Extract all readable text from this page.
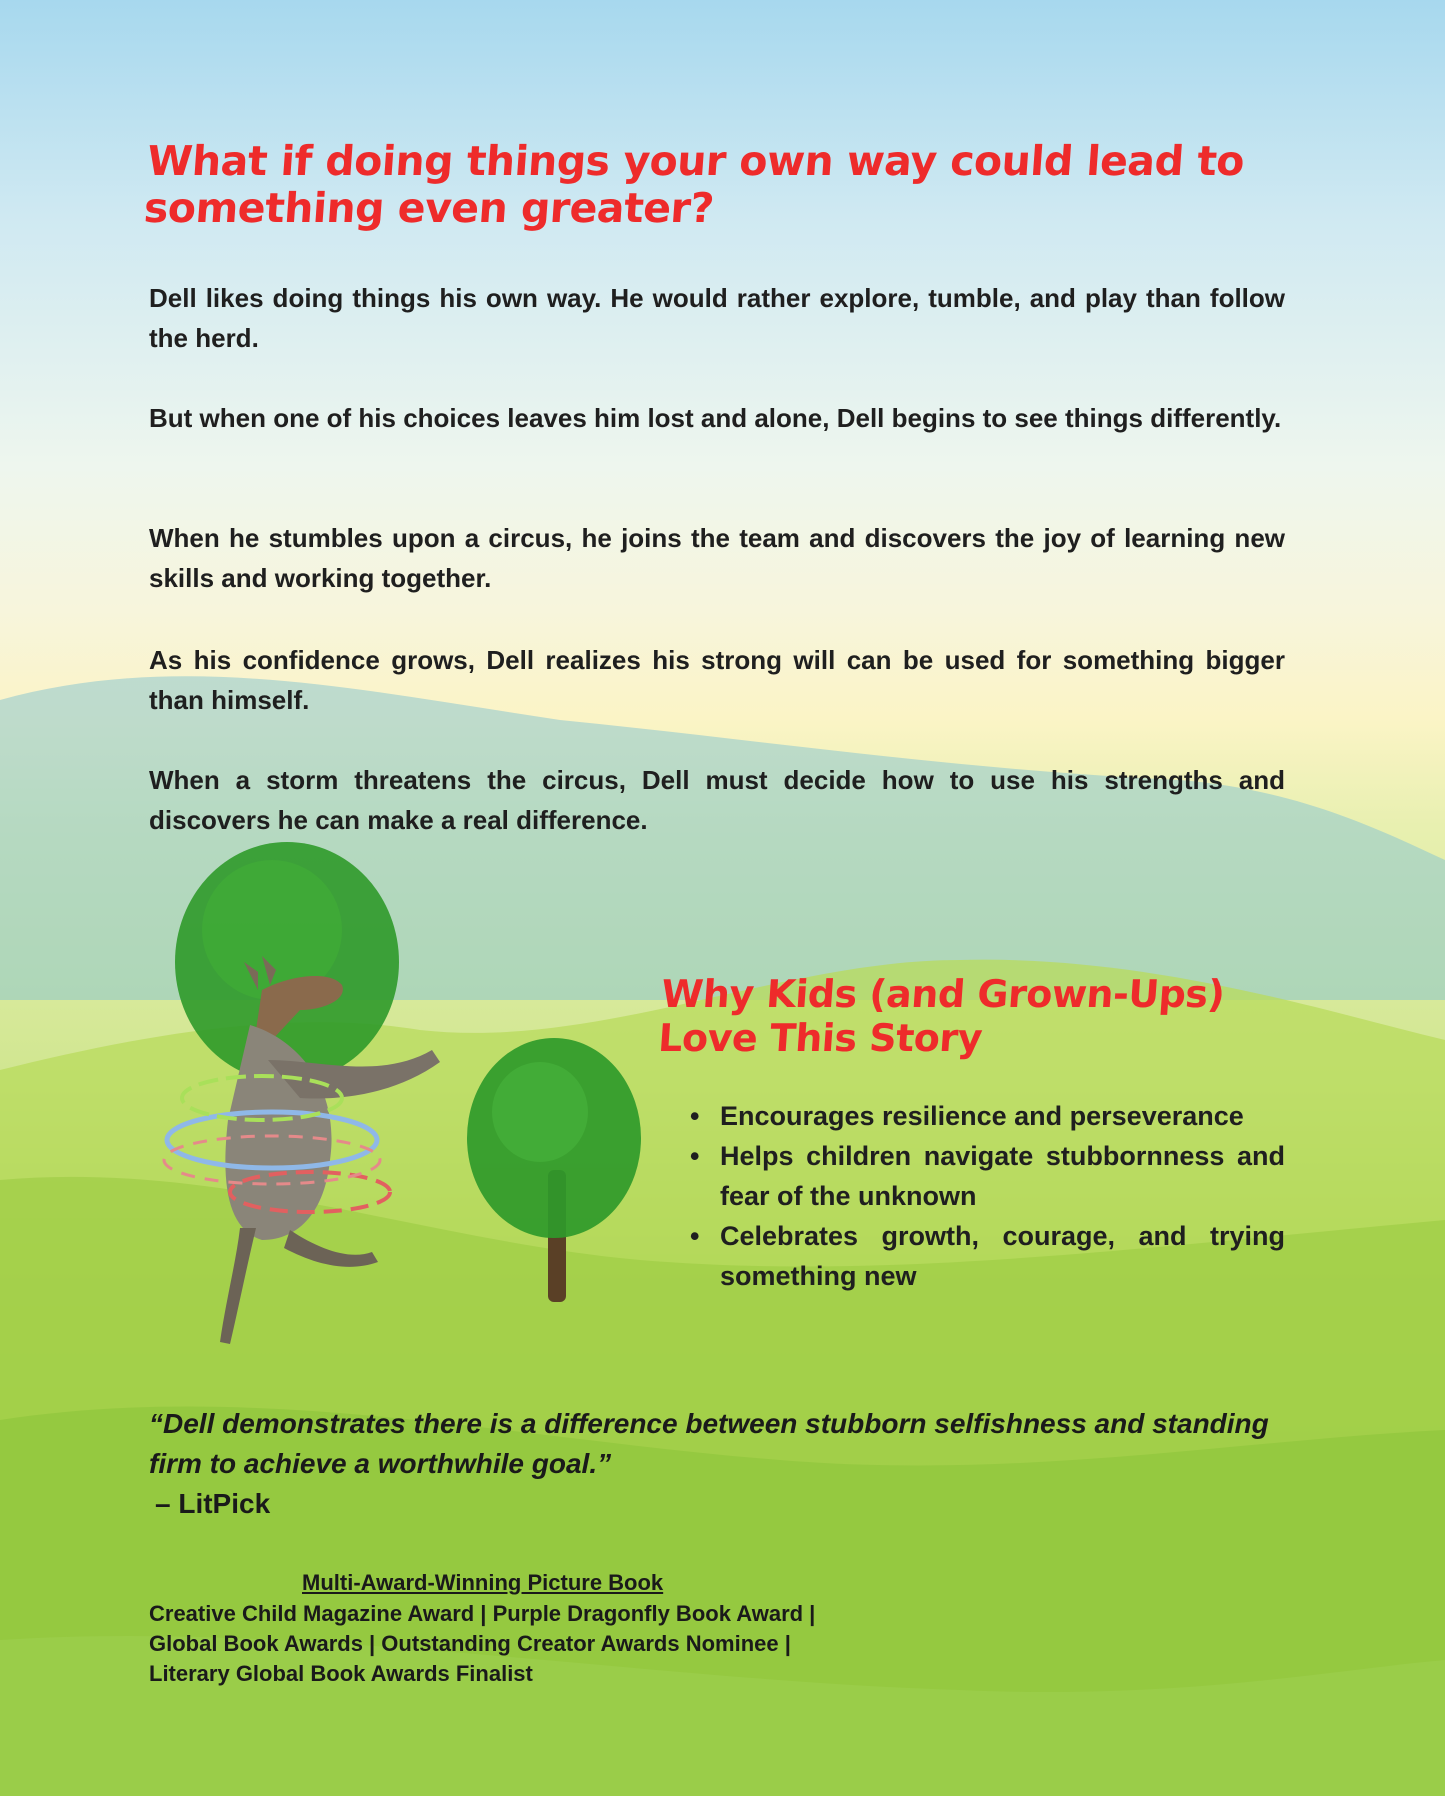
What if doing things your own way could lead to something even greater?

Dell likes doing things his own way. He would rather explore, tumble, and play than follow the herd.

But when one of his choices leaves him lost and alone, Dell begins to see things differently.

When he stumbles upon a circus, he joins the team and discovers the joy of learning new skills and working together.

As his confidence grows, Dell realizes his strong will can be used for something bigger than himself.

When a storm threatens the circus, Dell must decide how to use his strengths and discovers he can make a real difference.

Why Kids (and Grown-Ups)
Love This Story
• Encourages resilience and perseverance
• Helps children navigate stubbornness and fear of the unknown
• Celebrates growth, courage, and trying something new

“Dell demonstrates there is a difference between stubborn selfishness and standing firm to achieve a worthwhile goal.”

– LitPick

Multi-Award-Winning Picture Book

Creative Child Magazine Award | Purple Dragonfly Book Award | Global Book Awards | Outstanding Creator Awards Nominee | Literary Global Book Awards Finalist
